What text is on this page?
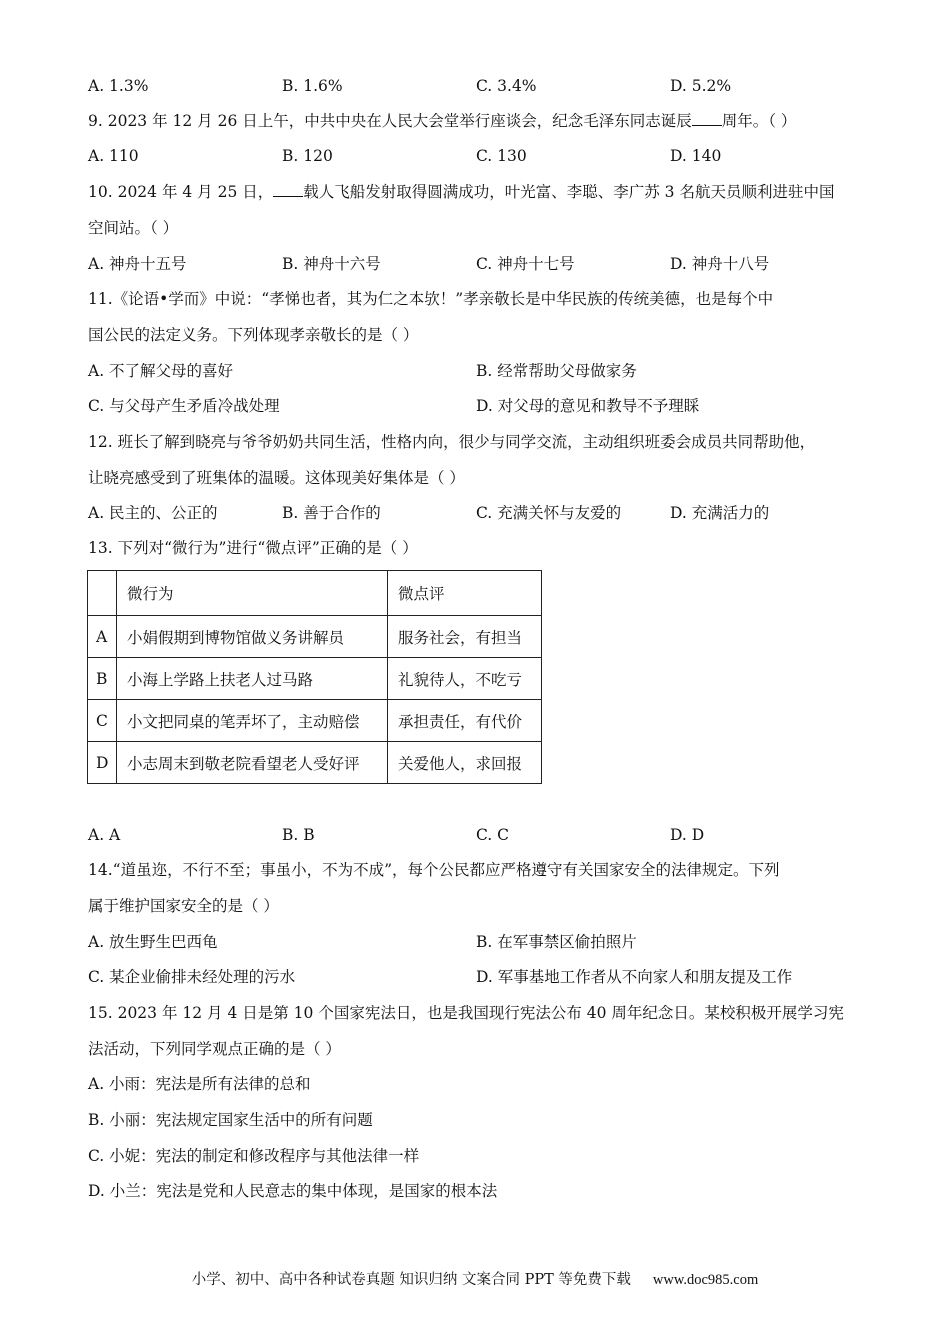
A. 1.3%	B. 1.6%	C. 3.4%	D. 5.2%
9. 2023 年 12 月 26 日上午，中共中央在人民大会堂举行座谈会，纪念毛泽东同志诞辰 周年。（ ）
A. 110	B. 120	C. 130	D. 140
10. 2024 年 4 月 25 日， 载人飞船发射取得圆满成功，叶光富、李聪、李广苏 3 名航天员顺利进驻中国
空间站。（ ）
A. 神舟十五号	B. 神舟十六号	C. 神舟十七号	D. 神舟十八号
11.《论语•学而》中说：“孝悌也者，其为仁之本欤！”孝亲敬长是中华民族的传统美德，也是每个中
国公民的法定义务。下列体现孝亲敬长的是（ ）
A. 不了解父母的喜好	B. 经常帮助父母做家务
C. 与父母产生矛盾冷战处理	D. 对父母的意见和教导不予理睬
12. 班长了解到晓亮与爷爷奶奶共同生活，性格内向，很少与同学交流，主动组织班委会成员共同帮助他，
让晓亮感受到了班集体的温暖。这体现美好集体是（ ）
A. 民主的、公正的	B. 善于合作的	C. 充满关怀与友爱的	D. 充满活力的
13. 下列对“微行为”进行“微点评”正确的是（ ）
	微行为	微点评
A	小娟假期到博物馆做义务讲解员	服务社会，有担当
B	小海上学路上扶老人过马路	礼貌待人，不吃亏
C	小文把同桌的笔弄坏了，主动赔偿	承担责任，有代价
D	小志周末到敬老院看望老人受好评	关爱他人，求回报
A. A	B. B	C. C	D. D
14.“道虽迩，不行不至；事虽小，不为不成”，每个公民都应严格遵守有关国家安全的法律规定。下列
属于维护国家安全的是（ ）
A. 放生野生巴西龟	B. 在军事禁区偷拍照片
C. 某企业偷排未经处理的污水	D. 军事基地工作者从不向家人和朋友提及工作
15. 2023 年 12 月 4 日是第 10 个国家宪法日，也是我国现行宪法公布 40 周年纪念日。某校积极开展学习宪
法活动，下列同学观点正确的是（ ）
A. 小雨：宪法是所有法律的总和
B. 小丽：宪法规定国家生活中的所有问题
C. 小妮：宪法的制定和修改程序与其他法律一样
D. 小兰：宪法是党和人民意志的集中体现，是国家的根本法
小学、初中、高中各种试卷真题 知识归纳 文案合同 PPT 等免费下载 www.doc985.com
